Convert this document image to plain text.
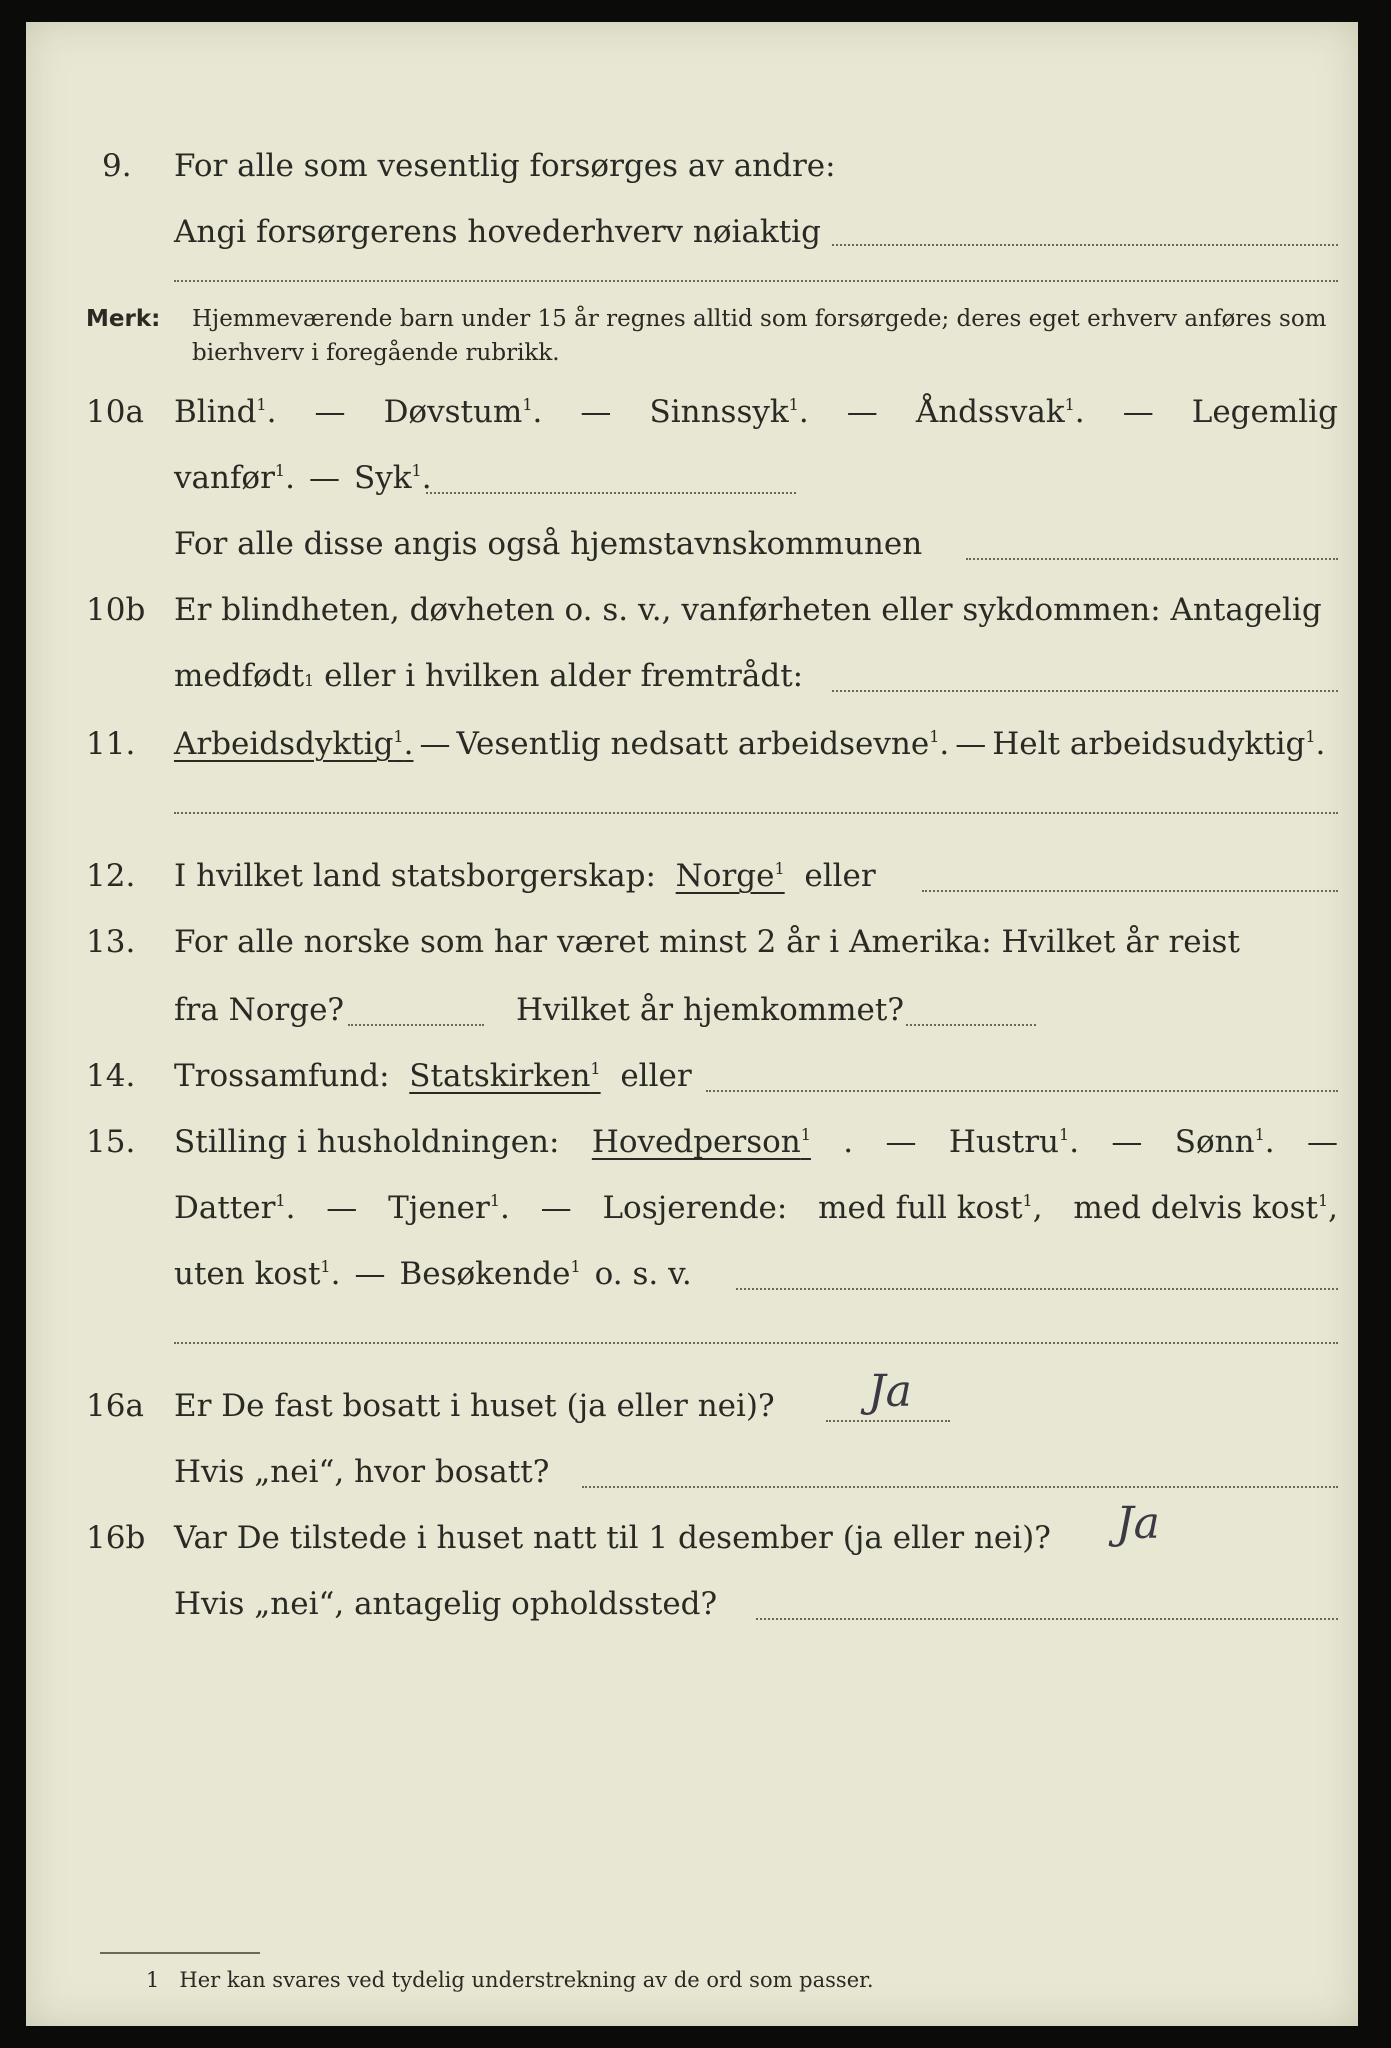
9.	For alle som vesentlig forsørges av andre:
Angi forsørgerens hovederhverv nøiaktig
Merk: Hjemmeværende barn under 15 år regnes alltid som forsørgede; deres eget erhverv anføres som bierhverv i foregående rubrikk.
10a Blind$^1$. — Døvstum$^1$. — Sinnssyk$^1$. — Åndssvak$^1$. — Legemlig
vanfør$^1$. — Syk$^1$.
For alle disse angis også hjemstavnskommunen
10b Er blindheten, døvheten o. s. v., vanførheten eller sykdommen: Antagelig
medfødt 1
eller i hvilken alder fremtrådt:
11.	Arbeidsdyktig$^1$. — Vesentlig nedsatt arbeidsevne$^1$. — Helt arbeidsudyktig$^1$.
12.	I hvilket land statsborgerskap:
Norge$^1$
eller
13.	For alle norske som har været minst 2 år i Amerika: Hvilket år reist
fra Norge?	Hvilket år hjemkommet?
14.	Trossamfund:
Statskirken$^1$
eller
15.	Stilling i husholdningen: Hovedperson$^1$ . — Hustru$^1$. — Sønn$^1$. —
Datter$^1$. — Tjener$^1$. — Losjerende: med full kost$^1$, med delvis kost$^1$,
uten kost$^1$. — Besøkende$^1$ o. s. v.
16a Er De fast bosatt i huset (ja eller nei)? Ja
Hvis „nei“, hvor bosatt?
16b Var De tilstede i huset natt til 1 desember (ja eller nei)? Ja
Hvis „nei“, antagelig opholdssted?
1 Her kan svares ved tydelig understrekning av de ord som passer.
